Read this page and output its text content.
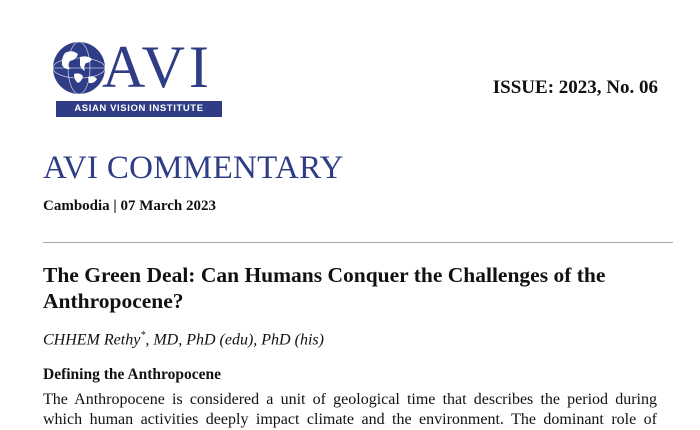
AVI
ASIAN VISION INSTITUTE
ISSUE: 2023, No. 06
AVI COMMENTARY
Cambodia | 07 March 2023
The Green Deal: Can Humans Conquer the Challenges of the Anthropocene?
CHHEM Rethy*, MD, PhD (edu), PhD (his)
Defining the Anthropocene
The Anthropocene is considered a unit of geological time that describes the period during
which human activities deeply impact climate and the environment. The dominant role of
